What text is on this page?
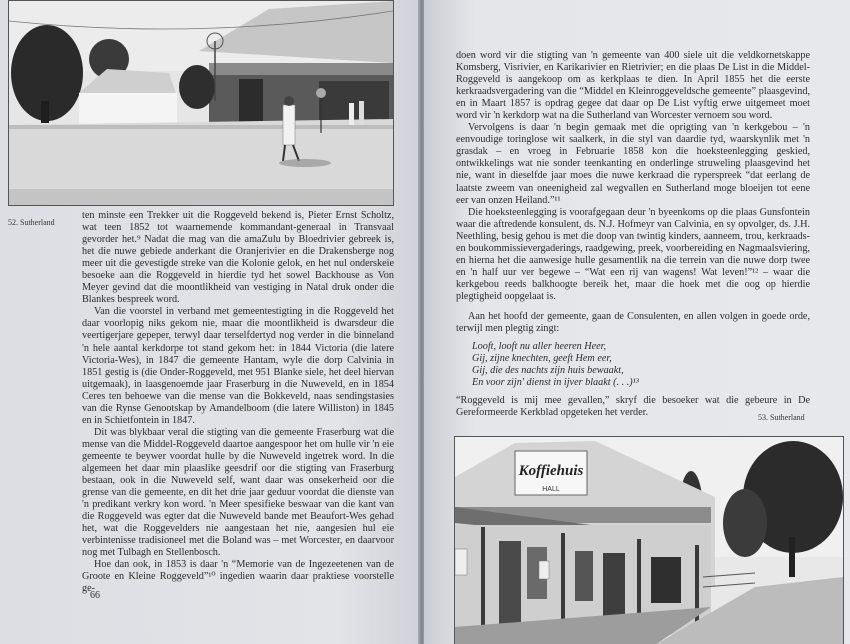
52. Sutherland

ten minste een Trekker uit die Roggeveld bekend is, Pieter Ernst Scholtz, wat teen 1852 tot waarnemende kommandant-generaal in Transvaal gevorder het.⁹ Nadat die mag van die amaZulu by Bloedrivier gebreek is, het die nuwe gebiede anderkant die Oranjerivier en die Drakensberge nog meer uit die gevestigde streke van die Kolonie gelok, en het nul onderskeie besoeke aan die Roggeveld in hierdie tyd het sowel Backhouse as Von Meyer gevind dat die moontlikheid van vestiging in Natal druk onder die Blankes bespreek word.

Van die voorstel in verband met gemeentestigting in die Roggeveld het daar voorlopig niks gekom nie, maar die moontlikheid is dwarsdeur die veertigerjare gepeper, terwyl daar terselfdertyd nog verder in die binneland 'n hele aantal kerkdorpe tot stand gekom het: in 1844 Victoria (die latere Victoria-Wes), in 1847 die gemeente Hantam, wyle die dorp Calvinia in 1851 gestig is (die Onder-Roggeveld, met 951 Blanke siele, het deel hiervan uitgemaak), in laasgenoemde jaar Fraserburg in die Nuweveld, en in 1854 Ceres ten behoewe van die mense van die Bokkeveld, naas sendingstasies van die Rynse Genootskap by Amandelboom (die latere Williston) in 1845 en in Schietfontein in 1847.

Dit was blykbaar veral die stigting van die gemeente Fraserburg wat die mense van die Middel-Roggeveld daartoe aangespoor het om hulle vir 'n eie gemeente te beywer voordat hulle by die Nuweveld ingetrek word. In die algemeen het daar min plaaslike geesdrif oor die stigting van Fraserburg bestaan, ook in die Nuweveld self, want daar was onsekerheid oor die grense van die gemeente, en dit het drie jaar geduur voordat die dienste van 'n predikant verkry kon word. 'n Meer spesifieke beswaar van die kant van die Roggeveld was egter dat die Nuweveld bande met Beaufort-Wes gehad het, wat die Roggevelders nie aangestaan het nie, aangesien hul eie verbintenisse tradisioneel met die Boland was – met Worcester, en daarvoor nog met Tulbagh en Stellenbosch.

Hoe dan ook, in 1853 is daar 'n “Memorie van de Ingezeetenen van de Groote en Kleine Roggeveld”¹⁰ ingedien waarin daar praktiese voorstelle ge-

66

doen word vir die stigting van 'n gemeente van 400 siele uit die veldkornetskappe Komsberg, Visrivier, en Karikarivier en Rietrivier; en die plaas De List in die Middel-Roggeveld is aangekoop om as kerkplaas te dien. In April 1855 het die eerste kerkraadsvergadering van die “Middel en Kleinroggeveldsche gemeente” plaasgevind, en in Maart 1857 is opdrag gegee dat daar op De List vyftig erwe uitgemeet moet word vir 'n kerkdorp wat na die Sutherland van Worcester vernoem sou word.

Vervolgens is daar 'n begin gemaak met die oprigting van 'n kerkgebou – 'n eenvoudige toringlose wit saalkerk, in die styl van daardie tyd, waarskynlik met 'n grasdak – en vroeg in Februarie 1858 kon die hoeksteenlegging geskied, ontwikkelings wat nie sonder teenkanting en onderlinge struweling plaasgevind het nie, want in dieselfde jaar moes die nuwe kerkraad die ryperspreek “dat eerlang de laatste zweem van oneenigheid zal wegvallen en Sutherland moge bloeijen tot eene eer van onzen Heiland.”¹¹

Die hoeksteenlegging is voorafgegaan deur 'n byeenkoms op die plaas Gunsfontein waar die aftredende konsulent, ds. N.J. Hofmeyr van Calvinia, en sy opvolger, ds. J.H. Neethling, besig gehou is met die doop van twintig kinders, aanneem, trou, kerkraads- en boukommissievergaderings, raadgewing, preek, voorbereiding en Nagmaalsviering, en hierna het die aanwesige hulle gesamentlik na die terrein van die nuwe dorp twee en 'n half uur ver begewe – “Wat een rij van wagens! Wat leven!”¹² – waar die kerkgebou reeds balkhoogte bereik het, maar die hoek met die oog op hierdie plegtigheid oopgelaat is.

Aan het hoofd der gemeente, gaan de Consulenten, en allen volgen in goede orde, terwijl men plegtig zingt:

Looft, looft nu aller heeren Heer,
Gij, zijne knechten, geeft Hem eer,
Gij, die des nachts zijn huis bewaakt,
En voor zijn' dienst in ijver blaakt (. . .)¹³

“Roggeveld is mij mee gevallen,” skryf die besoeker wat die gebeure in De Gereformeerde Kerkblad opgeteken het verder.	53. Sutherland
Koffiehuis
HALL
